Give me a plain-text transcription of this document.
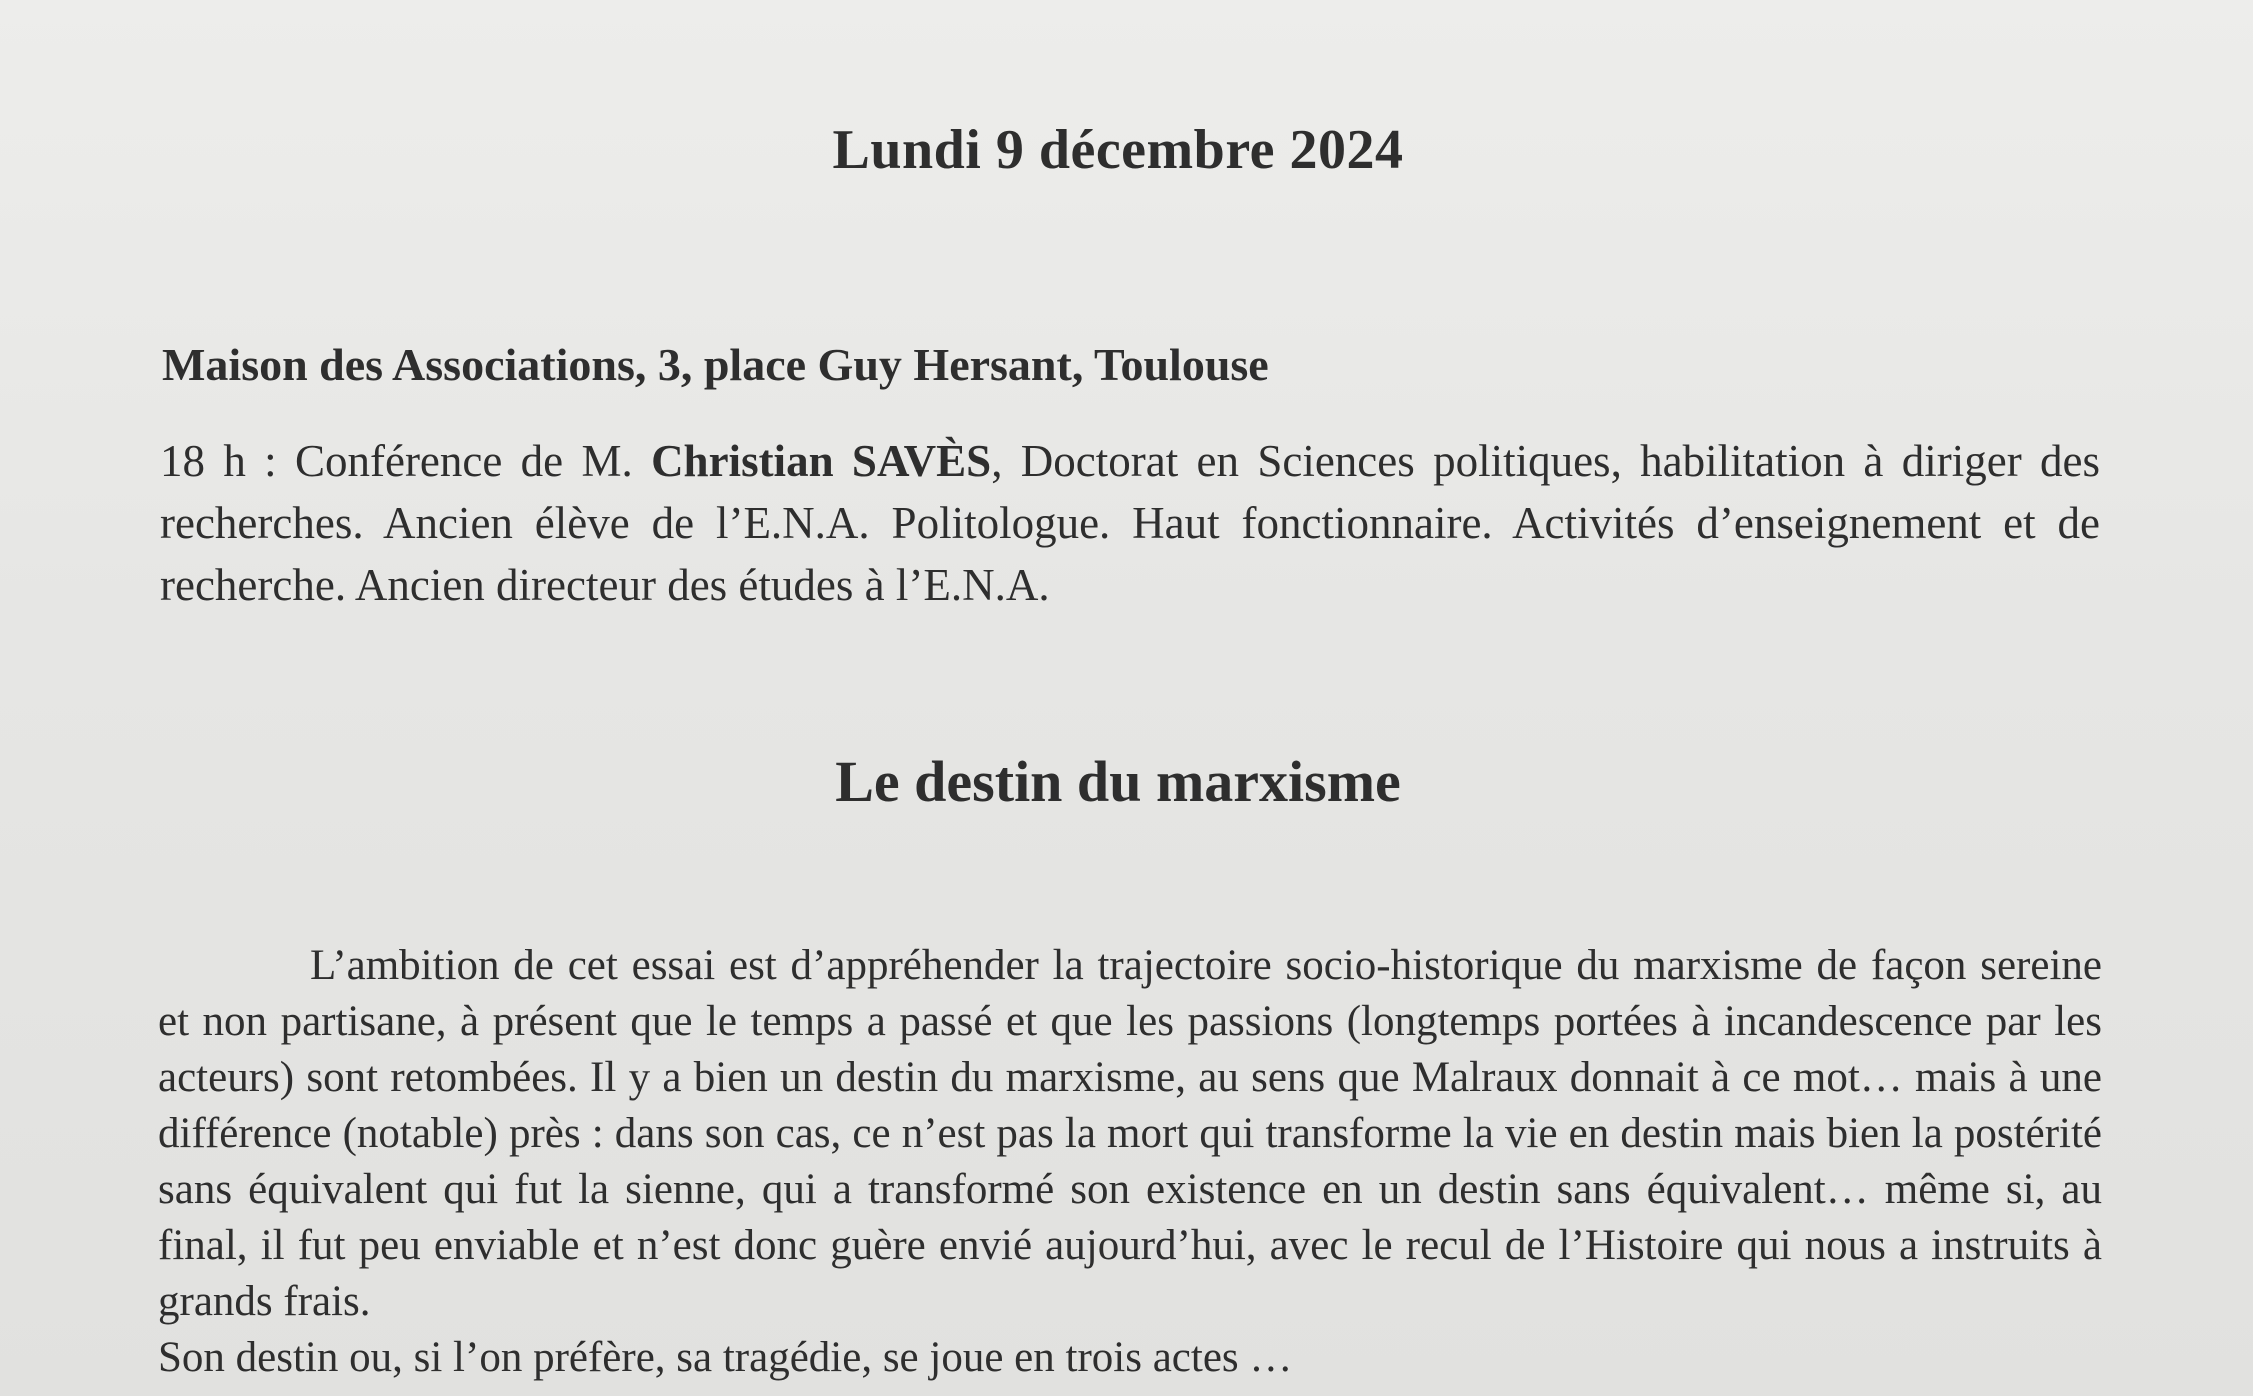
Lundi 9 décembre 2024

Maison des Associations, 3, place Guy Hersant, Toulouse

18 h : Conférence de M. Christian SAVÈS, Doctorat en Sciences politiques, habilitation à diriger des recherches. Ancien élève de l’E.N.A. Politologue. Haut fonctionnaire. Activités d’enseignement et de recherche. Ancien directeur des études à l’E.N.A.

Le destin du marxisme

L’ambition de cet essai est d’appréhender la trajectoire socio-historique du marxisme de façon sereine et non partisane, à présent que le temps a passé et que les passions (longtemps portées à incandescence par les acteurs) sont retombées. Il y a bien un destin du marxisme, au sens que Malraux donnait à ce mot… mais à une différence (notable) près : dans son cas, ce n’est pas la mort qui transforme la vie en destin mais bien la postérité sans équivalent qui fut la sienne, qui a transformé son existence en un destin sans équivalent… même si, au final, il fut peu enviable et n’est donc guère envié aujourd’hui, avec le recul de l’Histoire qui nous a instruits à grands frais.

Son destin ou, si l’on préfère, sa tragédie, se joue en trois actes …
